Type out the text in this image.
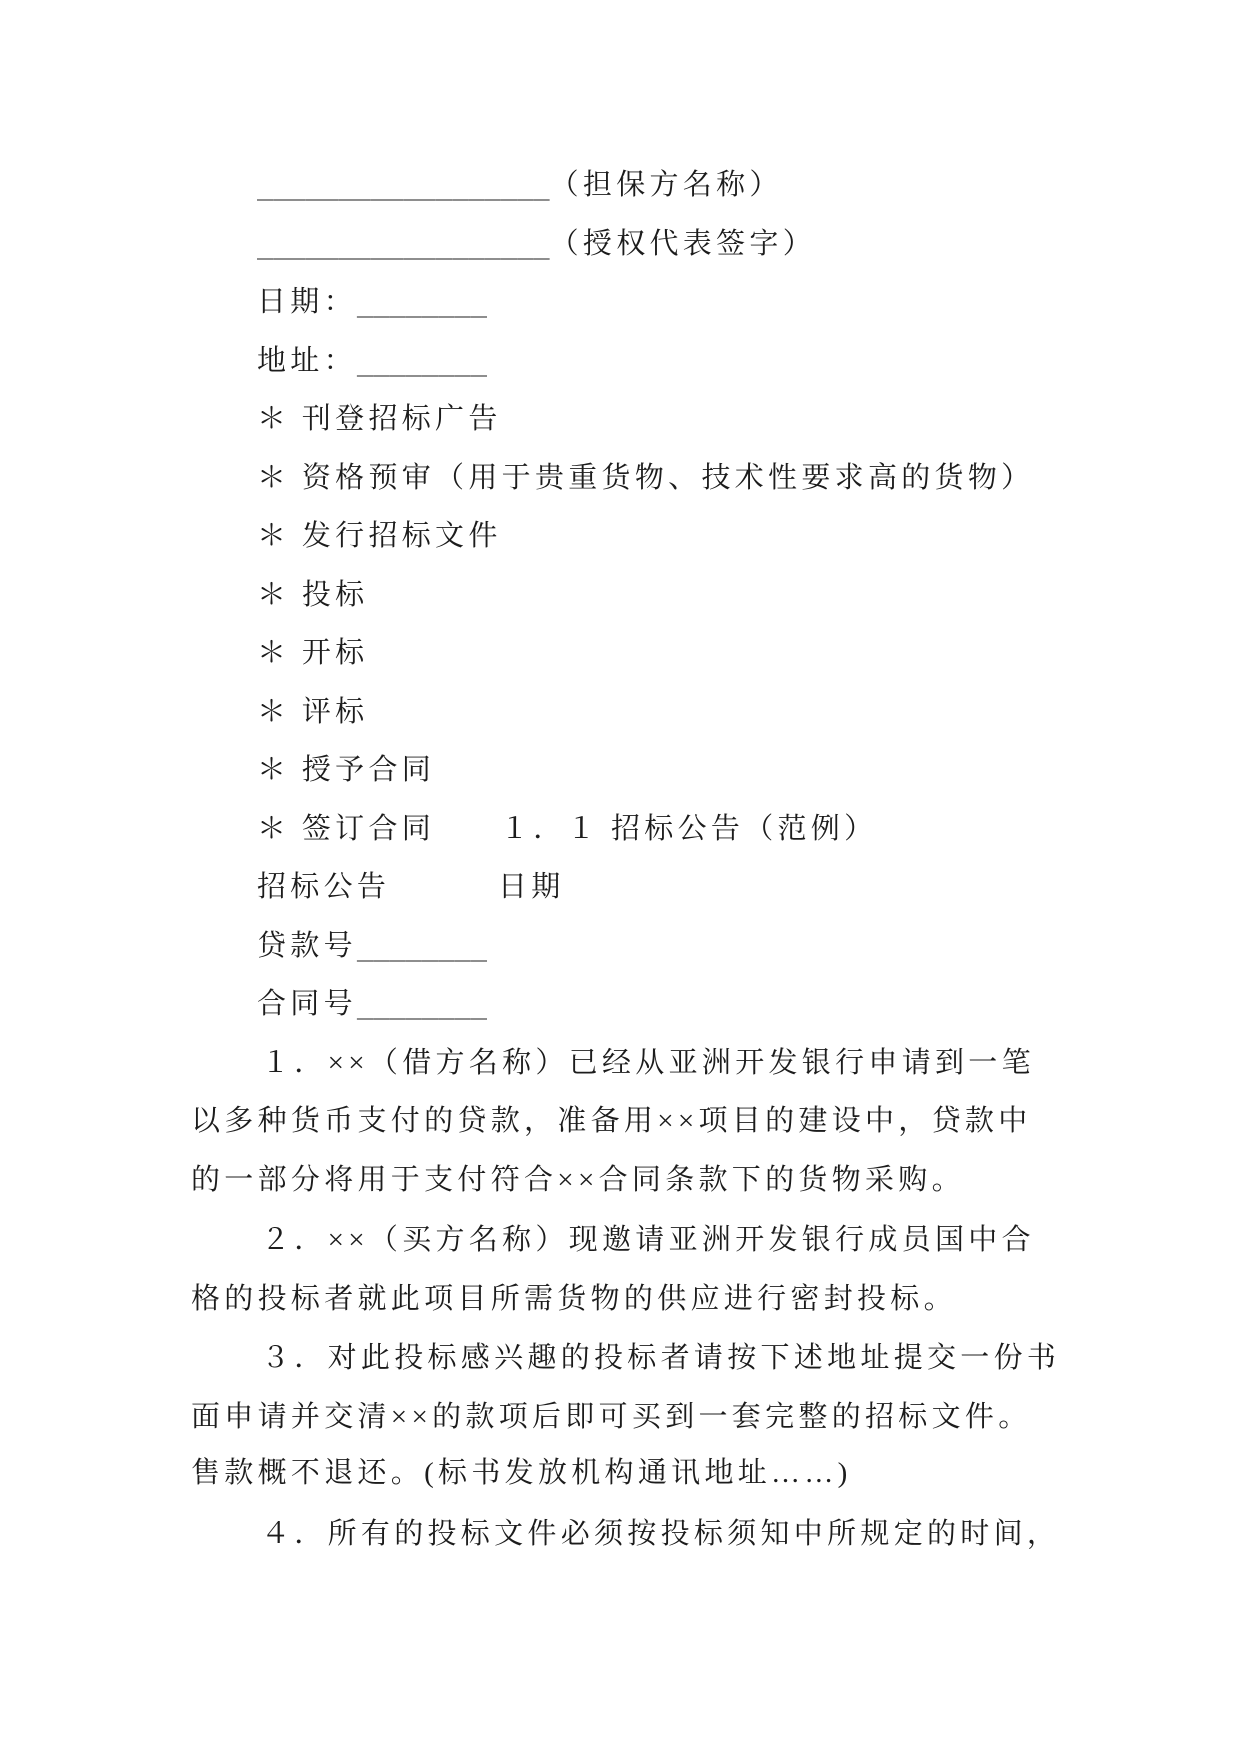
__________________（担保方名称）
__________________（授权代表签字）
日期：________
地址：________
＊ 刊登招标广告
＊ 资格预审（用于贵重货物、技术性要求高的货物）
＊ 发行招标文件
＊ 投标
＊ 开标
＊ 评标
＊ 授予合同
＊ 签订合同 １．１ 招标公告（范例）
招标公告	日期
贷款号________
合同号________
１．××（借方名称）已经从亚洲开发银行申请到一笔
以多种货币支付的贷款，准备用××项目的建设中，贷款中
的一部分将用于支付符合××合同条款下的货物采购。
２．××（买方名称）现邀请亚洲开发银行成员国中合
格的投标者就此项目所需货物的供应进行密封投标。
３．对此投标感兴趣的投标者请按下述地址提交一份书
面申请并交清××的款项后即可买到一套完整的招标文件。
售款概不退还。(标书发放机构通讯地址……)
４．所有的投标文件必须按投标须知中所规定的时间，
